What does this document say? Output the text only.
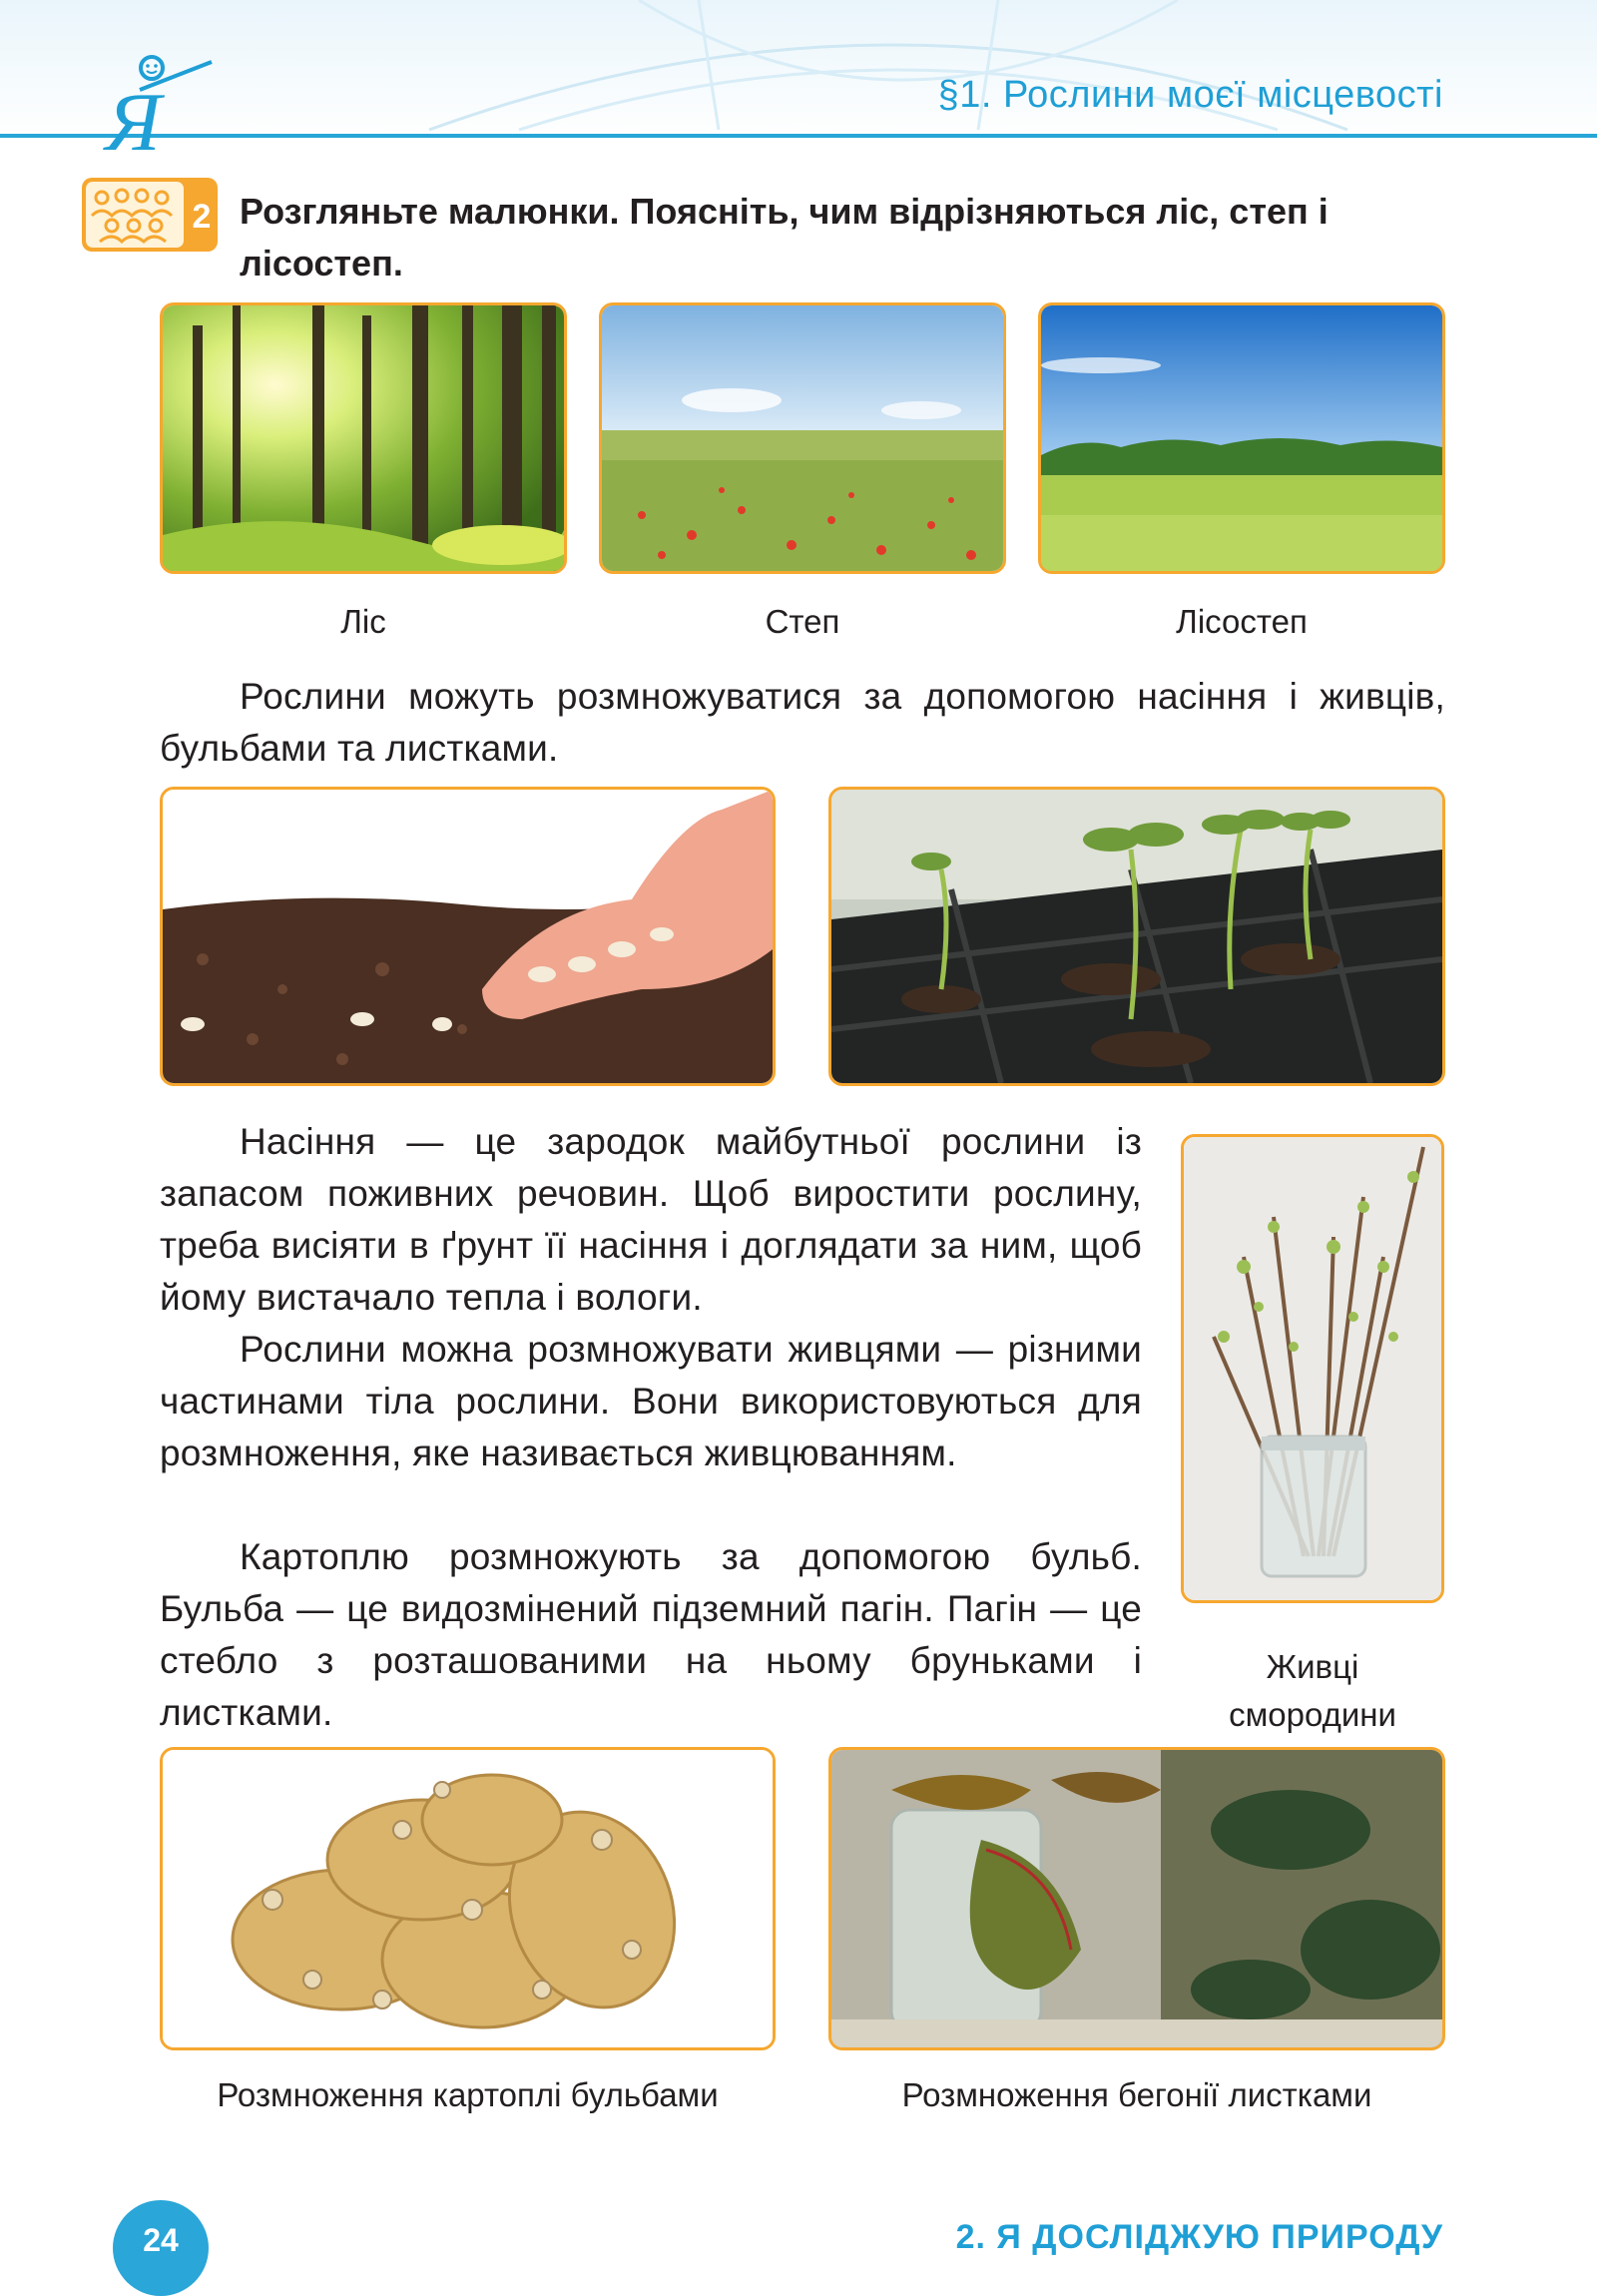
Я	§1. Рослини моєї місцевості
2 Розгляньте малюнки. Поясніть, чим відрізняються ліс, степ і лісостеп.
Ліс	Степ	Лісостеп
Рослини можуть розмножуватися за допомогою насіння і живців, бульбами та листками.
Насіння — це зародок майбутньої рослини із запасом поживних речовин. Щоб виростити рослину, треба висіяти в ґрунт її насіння і доглядати за ним, щоб йому вистачало тепла і вологи.
Рослини можна розмножувати живцями — різними частинами тіла рослини. Вони використовуються для розмноження, яке називається живцюванням.
Картоплю розмножують за допомогою бульб. Бульба — це видозмінений підземний пагін. Пагін — це стебло з розташованими на ньому бруньками і листками.
Живці
смородини
Розмноження картоплі бульбами	Розмноження бегонії листками
24	2. Я ДОСЛІДЖУЮ ПРИРОДУ
